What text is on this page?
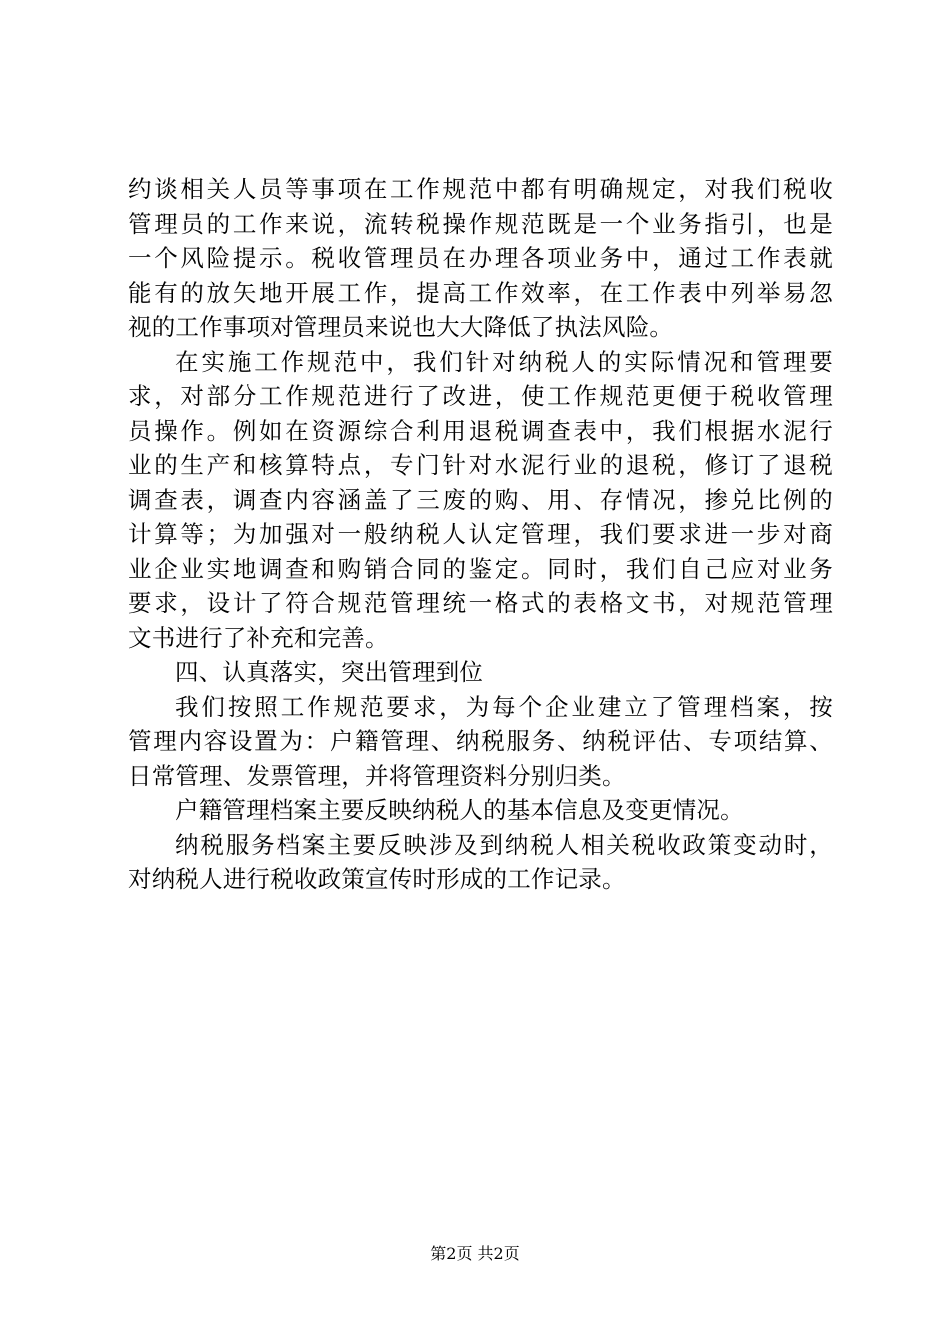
约谈相关人员等事项在工作规范中都有明确规定，对我们税收
管理员的工作来说，流转税操作规范既是一个业务指引，也是
一个风险提示。税收管理员在办理各项业务中，通过工作表就
能有的放矢地开展工作，提高工作效率，在工作表中列举易忽
视的工作事项对管理员来说也大大降低了执法风险。
在实施工作规范中，我们针对纳税人的实际情况和管理要
求，对部分工作规范进行了改进，使工作规范更便于税收管理
员操作。例如在资源综合利用退税调查表中，我们根据水泥行
业的生产和核算特点，专门针对水泥行业的退税，修订了退税
调查表，调查内容涵盖了三废的购、用、存情况，掺兑比例的
计算等；为加强对一般纳税人认定管理，我们要求进一步对商
业企业实地调查和购销合同的鉴定。同时，我们自己应对业务
要求，设计了符合规范管理统一格式的表格文书，对规范管理
文书进行了补充和完善。
四、认真落实，突出管理到位
我们按照工作规范要求，为每个企业建立了管理档案，按
管理内容设置为：户籍管理、纳税服务、纳税评估、专项结算、
日常管理、发票管理，并将管理资料分别归类。
户籍管理档案主要反映纳税人的基本信息及变更情况。
纳税服务档案主要反映涉及到纳税人相关税收政策变动时，
对纳税人进行税收政策宣传时形成的工作记录。
第2页 共2页
